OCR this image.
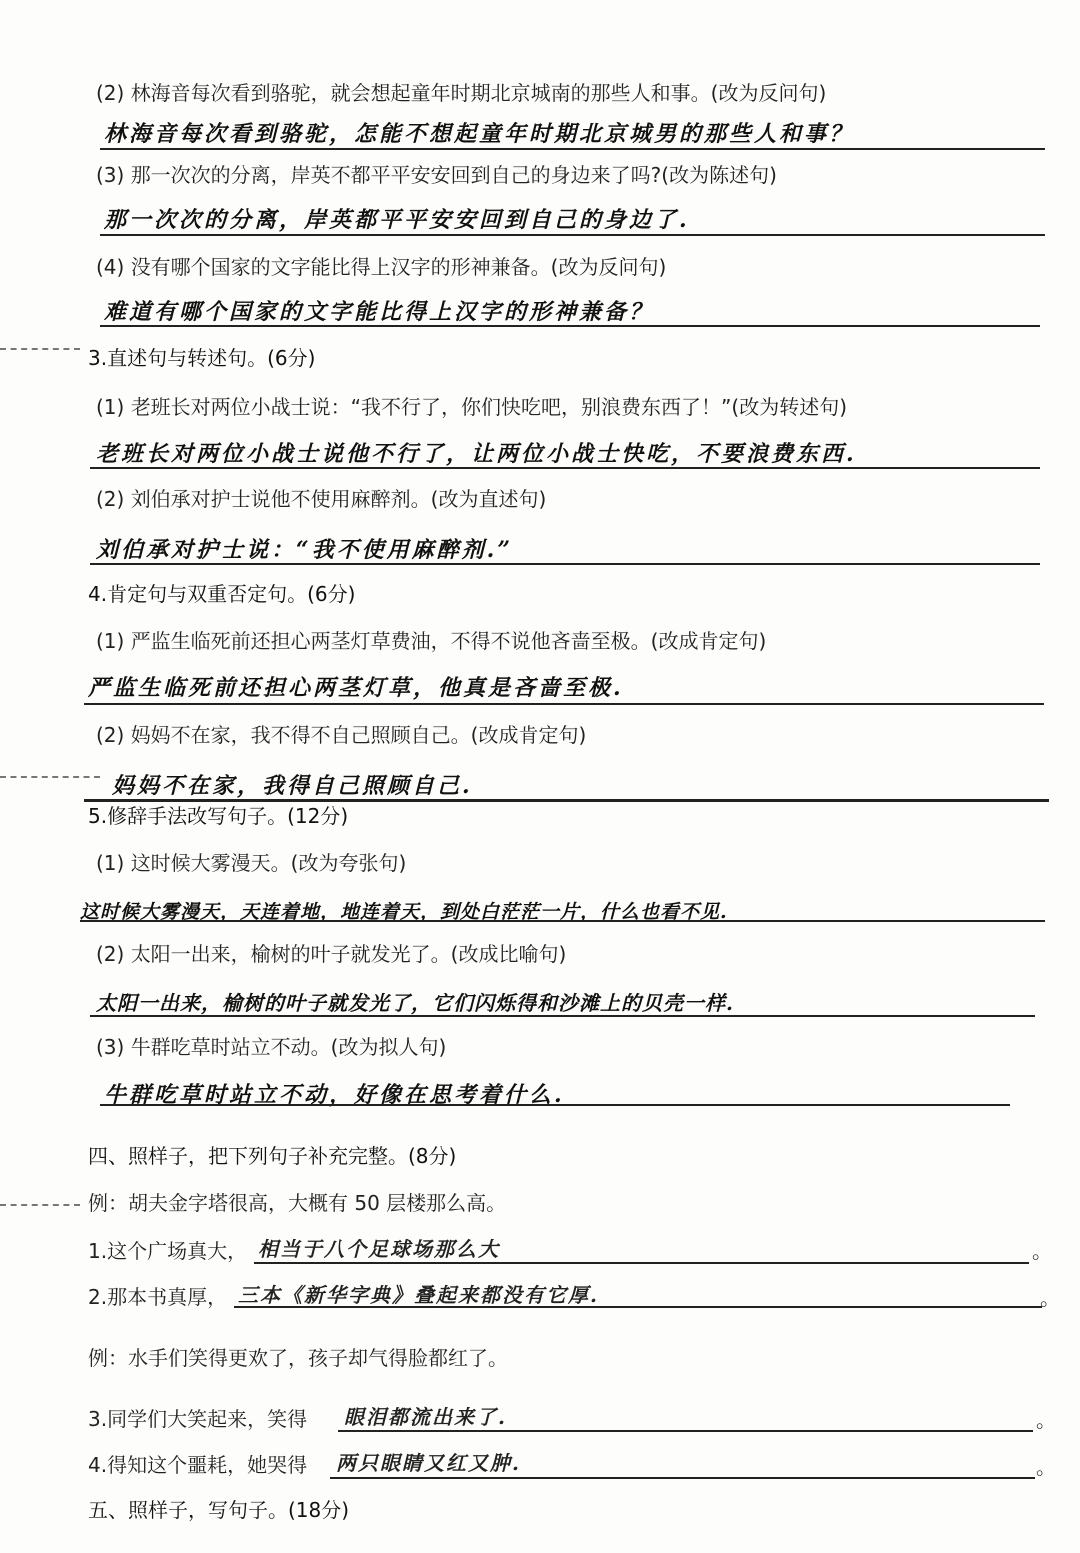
(2) 林海音每次看到骆驼，就会想起童年时期北京城南的那些人和事。(改为反问句)
林海音每次看到骆驼，怎能不想起童年时期北京城男的那些人和事？
(3) 那一次次的分离，岸英不都平平安安回到自己的身边来了吗?(改为陈述句)
那一次次的分离，岸英都平平安安回到自己的身边了.
(4) 没有哪个国家的文字能比得上汉字的形神兼备。(改为反问句)
难道有哪个国家的文字能比得上汉字的形神兼备？
3.直述句与转述句。(6分)
(1) 老班长对两位小战士说：“我不行了，你们快吃吧，别浪费东西了！”(改为转述句)
老班长对两位小战士说他不行了，让两位小战士快吃，不要浪费东西.
(2) 刘伯承对护士说他不使用麻醉剂。(改为直述句)
刘伯承对护士说：“我不使用麻醉剂.”
4.肯定句与双重否定句。(6分)
(1) 严监生临死前还担心两茎灯草费油，不得不说他吝啬至极。(改成肯定句)
严监生临死前还担心两茎灯草，他真是吝啬至极.
(2) 妈妈不在家，我不得不自己照顾自己。(改成肯定句)
妈妈不在家，我得自己照顾自己.
5.修辞手法改写句子。(12分)
(1) 这时候大雾漫天。(改为夸张句)
这时候大雾漫天，天连着地，地连着天，到处白茫茫一片，什么也看不见.
(2) 太阳一出来，榆树的叶子就发光了。(改成比喻句)
太阳一出来，榆树的叶子就发光了，它们闪烁得和沙滩上的贝壳一样.
(3) 牛群吃草时站立不动。(改为拟人句)
牛群吃草时站立不动，好像在思考着什么.
四、照样子，把下列句子补充完整。(8分)
例：胡夫金字塔很高，大概有 50 层楼那么高。
1.这个广场真大， 相当于八个足球场那么大	。
2.那本书真厚， 三本《新华字典》叠起来都没有它厚.	。
例：水手们笑得更欢了，孩子却气得脸都红了。
3.同学们大笑起来，笑得 眼泪都流出来了.	。
4.得知这个噩耗，她哭得 两只眼睛又红又肿.	。
五、照样子，写句子。(18分)
